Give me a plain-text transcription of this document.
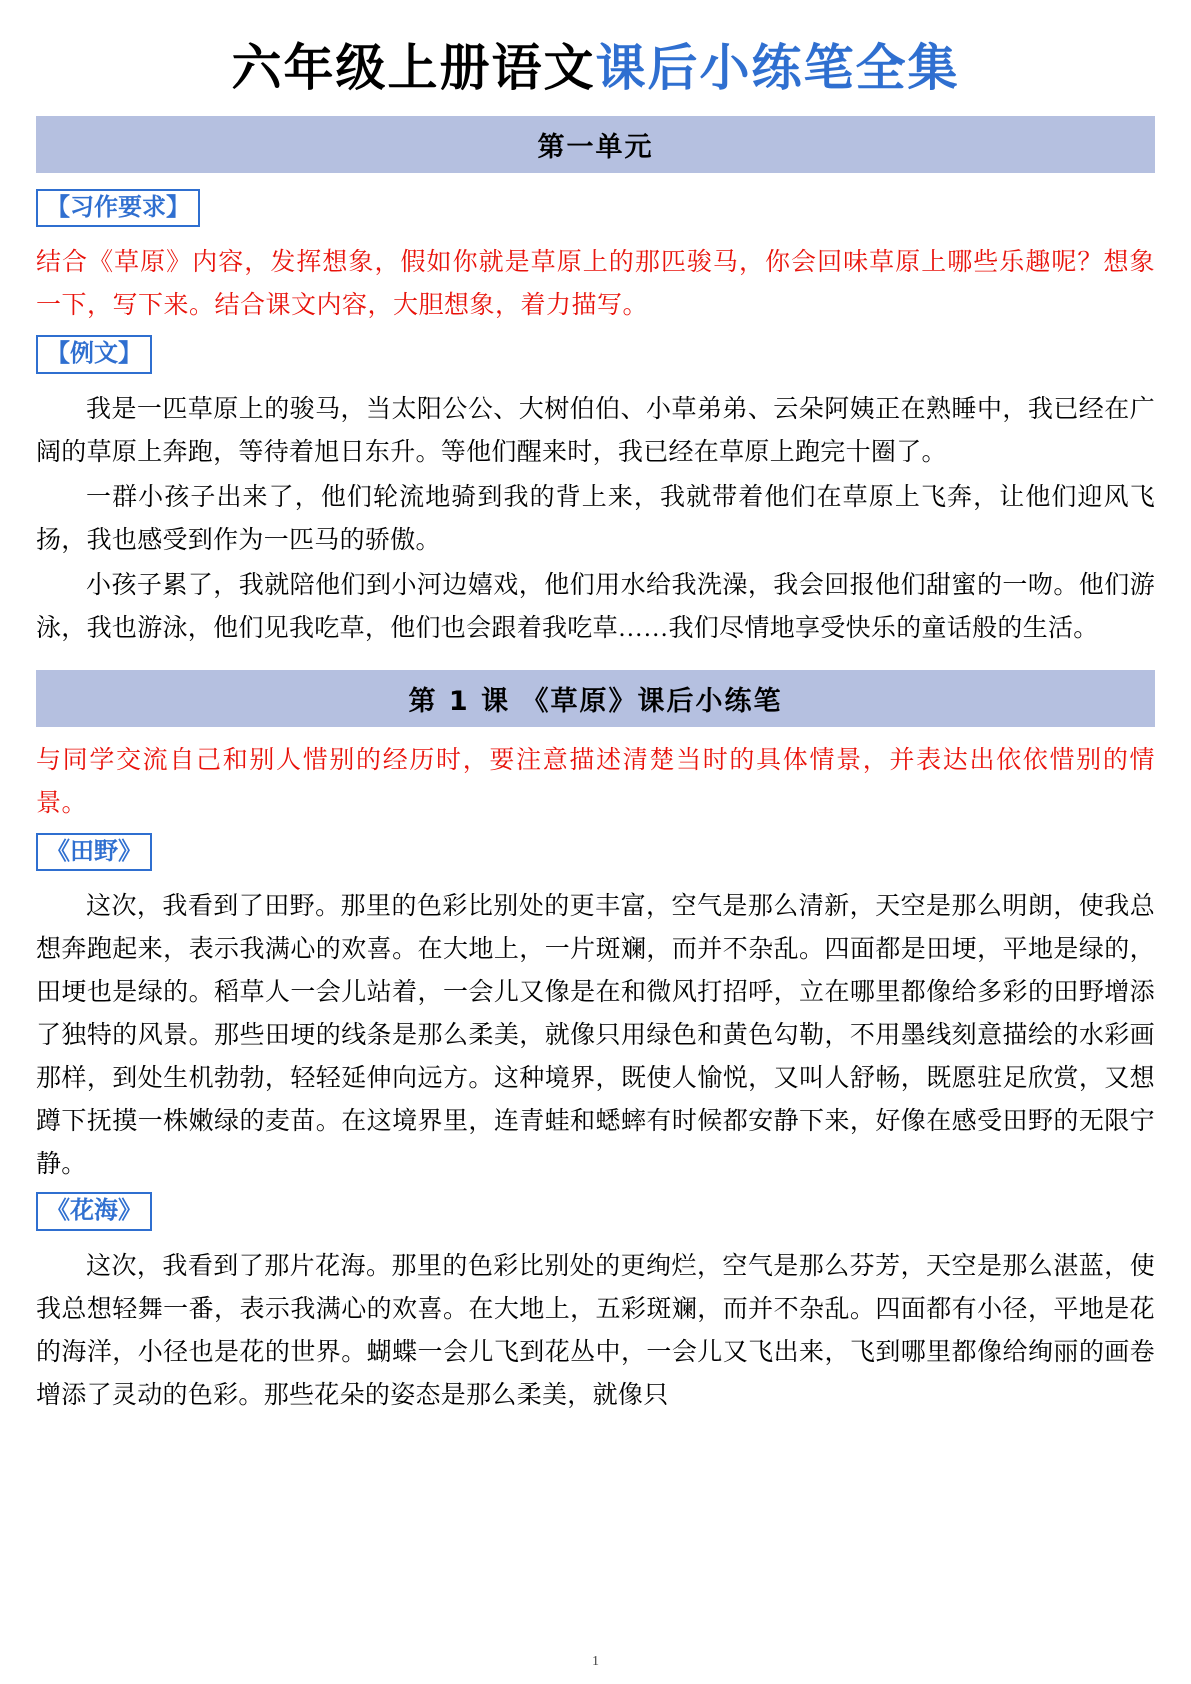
六年级上册语文课后小练笔全集
第一单元
【习作要求】

结合《草原》内容，发挥想象，假如你就是草原上的那匹骏马，你会回味草原上哪些乐趣呢？想象一下，写下来。结合课文内容，大胆想象，着力描写。

【例文】

我是一匹草原上的骏马，当太阳公公、大树伯伯、小草弟弟、云朵阿姨正在熟睡中，我已经在广阔的草原上奔跑，等待着旭日东升。等他们醒来时，我已经在草原上跑完十圈了。

一群小孩子出来了，他们轮流地骑到我的背上来，我就带着他们在草原上飞奔，让他们迎风飞扬，我也感受到作为一匹马的骄傲。

小孩子累了，我就陪他们到小河边嬉戏，他们用水给我洗澡，我会回报他们甜蜜的一吻。他们游泳，我也游泳，他们见我吃草，他们也会跟着我吃草……我们尽情地享受快乐的童话般的生活。

第 1 课 《草原》课后小练笔

与同学交流自己和别人惜别的经历时，要注意描述清楚当时的具体情景，并表达出依依惜别的情景。

《田野》

这次，我看到了田野。那里的色彩比别处的更丰富，空气是那么清新，天空是那么明朗，使我总想奔跑起来，表示我满心的欢喜。在大地上，一片斑斓，而并不杂乱。四面都是田埂，平地是绿的，田埂也是绿的。稻草人一会儿站着，一会儿又像是在和微风打招呼，立在哪里都像给多彩的田野增添了独特的风景。那些田埂的线条是那么柔美，就像只用绿色和黄色勾勒，不用墨线刻意描绘的水彩画那样，到处生机勃勃，轻轻延伸向远方。这种境界，既使人愉悦，又叫人舒畅，既愿驻足欣赏，又想蹲下抚摸一株嫩绿的麦苗。在这境界里，连青蛙和蟋蟀有时候都安静下来，好像在感受田野的无限宁静。

《花海》

这次，我看到了那片花海。那里的色彩比别处的更绚烂，空气是那么芬芳，天空是那么湛蓝，使我总想轻舞一番，表示我满心的欢喜。在大地上，五彩斑斓，而并不杂乱。四面都有小径，平地是花的海洋，小径也是花的世界。蝴蝶一会儿飞到花丛中，一会儿又飞出来，飞到哪里都像给绚丽的画卷增添了灵动的色彩。那些花朵的姿态是那么柔美，就像只

1
